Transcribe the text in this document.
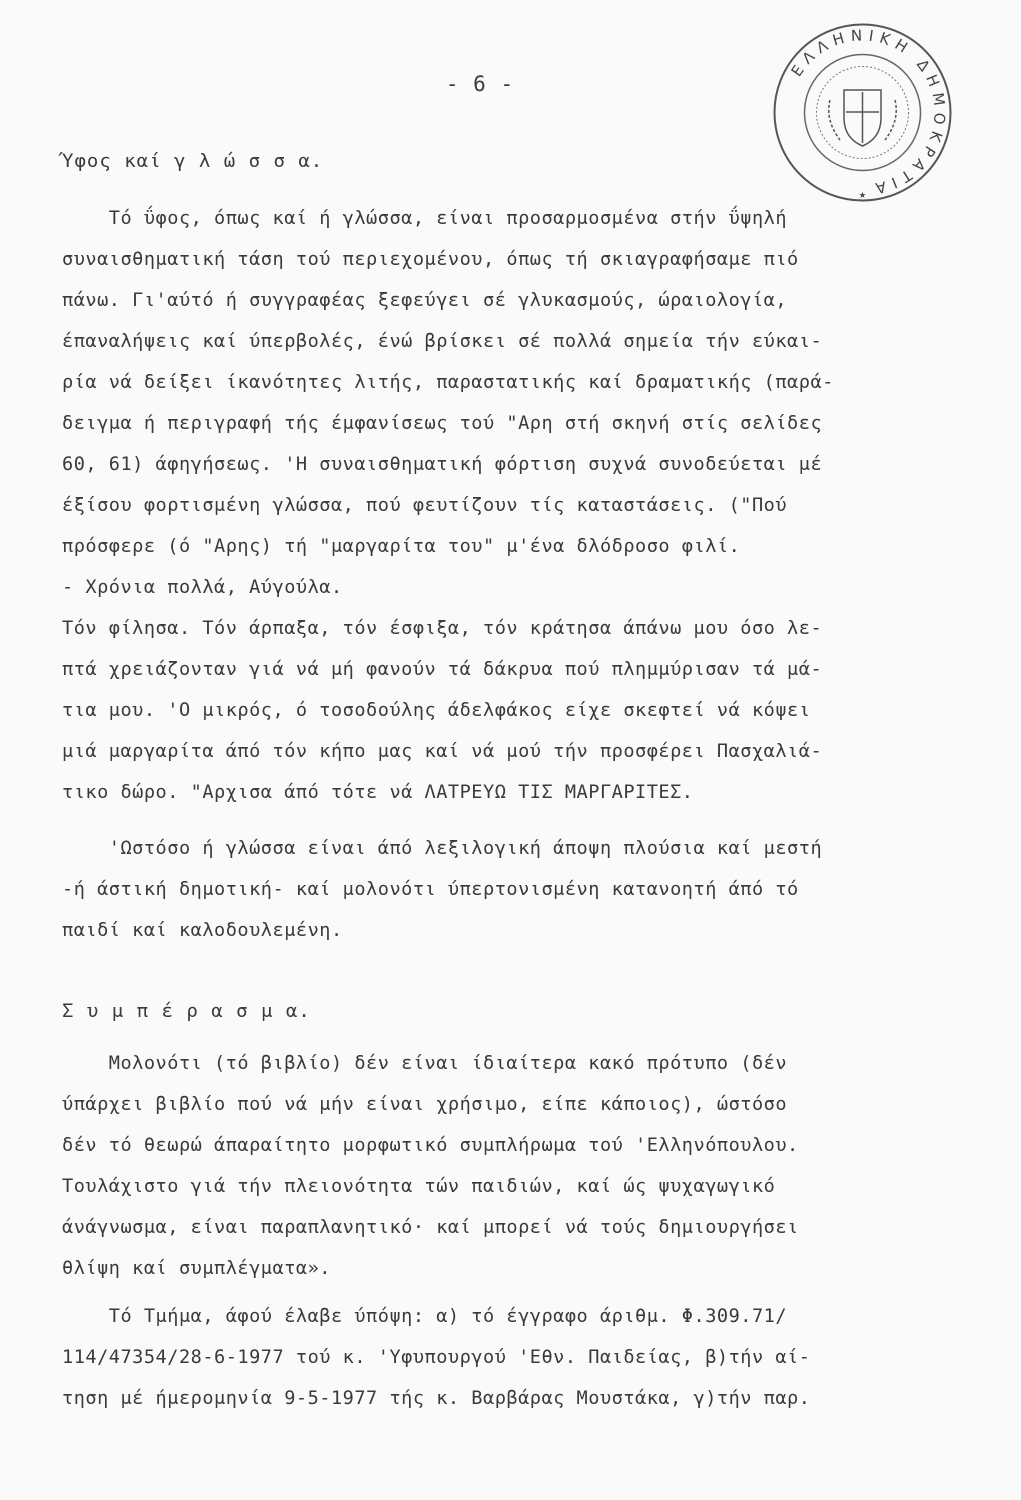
- 6 -
ΕΛΛΗΝΙΚΗ ΔΗΜΟΚΡΑΤΙΑ
★
Ύφος καί γ λ ώ σ σ α.
Τό ΰφος, όπως καί ή γλώσσα, είναι προσαρμοσμένα στήν ΰψηλή
συναισθηματική τάση τού περιεχομένου, όπως τή σκιαγραφήσαμε πιό
πάνω. Γι'αύτό ή συγγραφέας ξεφεύγει σέ γλυκασμούς, ώραιολογία,
έπαναλήψεις καί ύπερβολές, ένώ βρίσκει σέ πολλά σημεία τήν εύκαι-
ρία νά δείξει ίκανότητες λιτής, παραστατικής καί δραματικής (παρά-
δειγμα ή περιγραφή τής έμφανίσεως τού "Αρη στή σκηνή στίς σελίδες
60, 61) άφηγήσεως. 'Η συναισθηματική φόρτιση συχνά συνοδεύεται μέ
έξίσου φορτισμένη γλώσσα, πού φευτίζουν τίς καταστάσεις. ("Πού
πρόσφερε (ό "Αρης) τή "μαργαρίτα του" μ'ένα δλόδροσο φιλί.
- Χρόνια πολλά, Αύγούλα.
Τόν φίλησα. Τόν άρπαξα, τόν έσφιξα, τόν κράτησα άπάνω μου όσο λε-
πτά χρειάζονταν γιά νά μή φανούν τά δάκρυα πού πλημμύρισαν τά μά-
τια μου. 'Ο μικρός, ό τοσοδούλης άδελφάκος είχε σκεφτεί νά κόψει
μιά μαργαρίτα άπό τόν κήπο μας καί νά μού τήν προσφέρει Πασχαλιά-
τικο δώρο. "Αρχισα άπό τότε νά ΛΑΤΡΕΥΩ ΤΙΣ ΜΑΡΓΑΡΙΤΕΣ.
'Ωστόσο ή γλώσσα είναι άπό λεξιλογική άποψη πλούσια καί μεστή
-ή άστική δημοτική- καί μολονότι ύπερτονισμένη κατανοητή άπό τό
παιδί καί καλοδουλεμένη.
Σ υ μ π έ ρ α σ μ α.
Μολονότι (τό βιβλίο) δέν είναι ίδιαίτερα κακό πρότυπο (δέν
ύπάρχει βιβλίο πού νά μήν είναι χρήσιμο, είπε κάποιος), ώστόσο
δέν τό θεωρώ άπαραίτητο μορφωτικό συμπλήρωμα τού 'Ελληνόπουλου.
Τουλάχιστο γιά τήν πλειονότητα τών παιδιών, καί ώς ψυχαγωγικό
άνάγνωσμα, είναι παραπλανητικό· καί μπορεί νά τούς δημιουργήσει
θλίψη καί συμπλέγματα».
Τό Τμήμα, άφού έλαβε ύπόψη: α) τό έγγραφο άριθμ. Φ.309.71/
114/47354/28-6-1977 τού κ. 'Υφυπουργού 'Εθν. Παιδείας, β)τήν αί-
τηση μέ ήμερομηνία 9-5-1977 τής κ. Βαρβάρας Μουστάκα, γ)τήν παρ.
